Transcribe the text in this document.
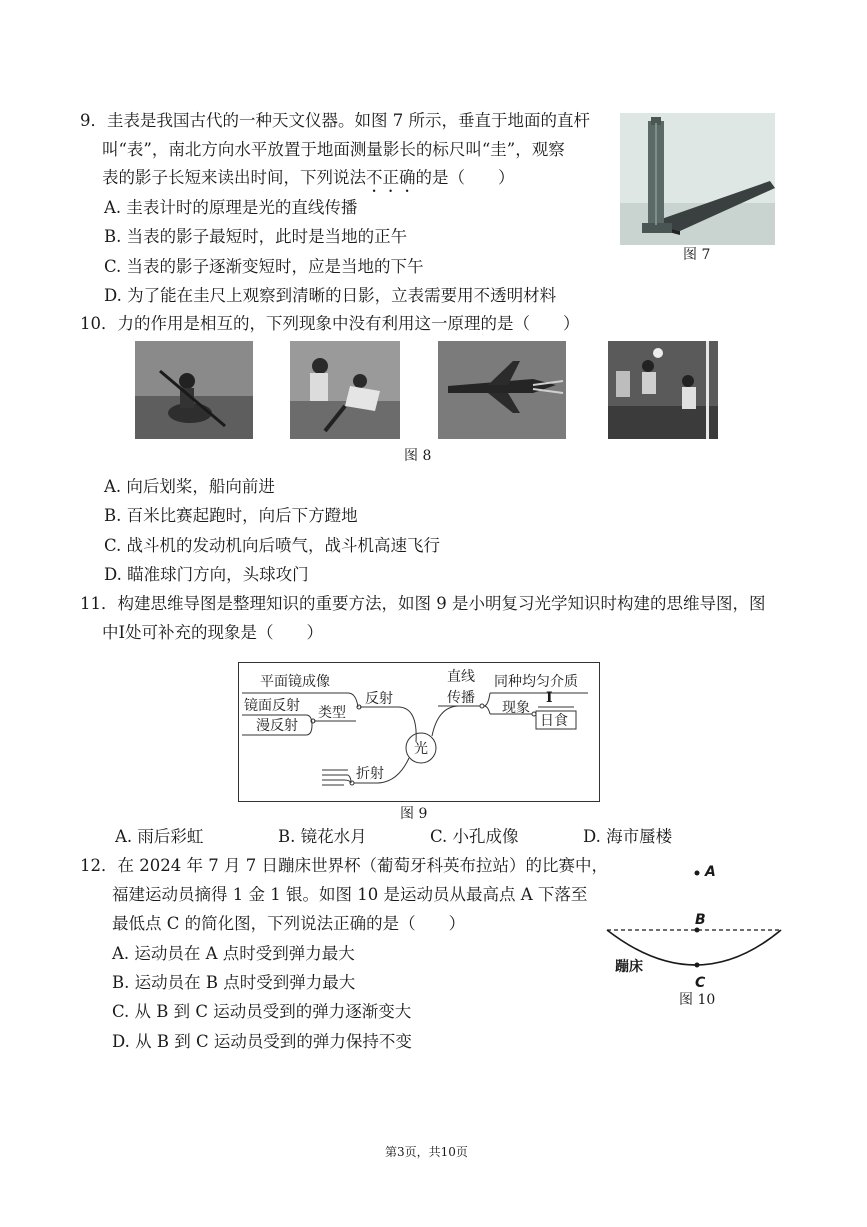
9．圭表是我国古代的一种天文仪器。如图 7 所示，垂直于地面的直杆
叫“表”，南北方向水平放置于地面测量影长的标尺叫“圭”，观察
表的影子长短来读出时间，下列说法不正确的是（　　）
A. 圭表计时的原理是光的直线传播
B. 当表的影子最短时，此时是当地的正午
C. 当表的影子逐渐变短时，应是当地的下午
D. 为了能在圭尺上观察到清晰的日影，立表需要用不透明材料
图 7
10．力的作用是相互的，下列现象中没有利用这一原理的是（　　）
图 8
A. 向后划桨，船向前进
B. 百米比赛起跑时，向后下方蹬地
C. 战斗机的发动机向后喷气，战斗机高速飞行
D. 瞄准球门方向，头球攻门
11．构建思维导图是整理知识的重要方法，如图 9 是小明复习光学知识时构建的思维导图，图
中I处可补充的现象是（　　）
平面镜成像
镜面反射
漫反射
类型
反射
光
折射
直线
传播
同种均匀介质
现象
I
日食
图 9
A. 雨后彩虹	B. 镜花水月	C. 小孔成像	D. 海市蜃楼
12．在 2024 年 7 月 7 日蹦床世界杯（葡萄牙科英布拉站）的比赛中，
福建运动员摘得 1 金 1 银。如图 10 是运动员从最高点 A 下落至
最低点 C 的简化图，下列说法正确的是（　　）
A. 运动员在 A 点时受到弹力最大
B. 运动员在 B 点时受到弹力最大
C. 从 B 到 C 运动员受到的弹力逐渐变大
D. 从 B 到 C 运动员受到的弹力保持不变
A
B
C
蹦床
图 10
第3页，共10页
